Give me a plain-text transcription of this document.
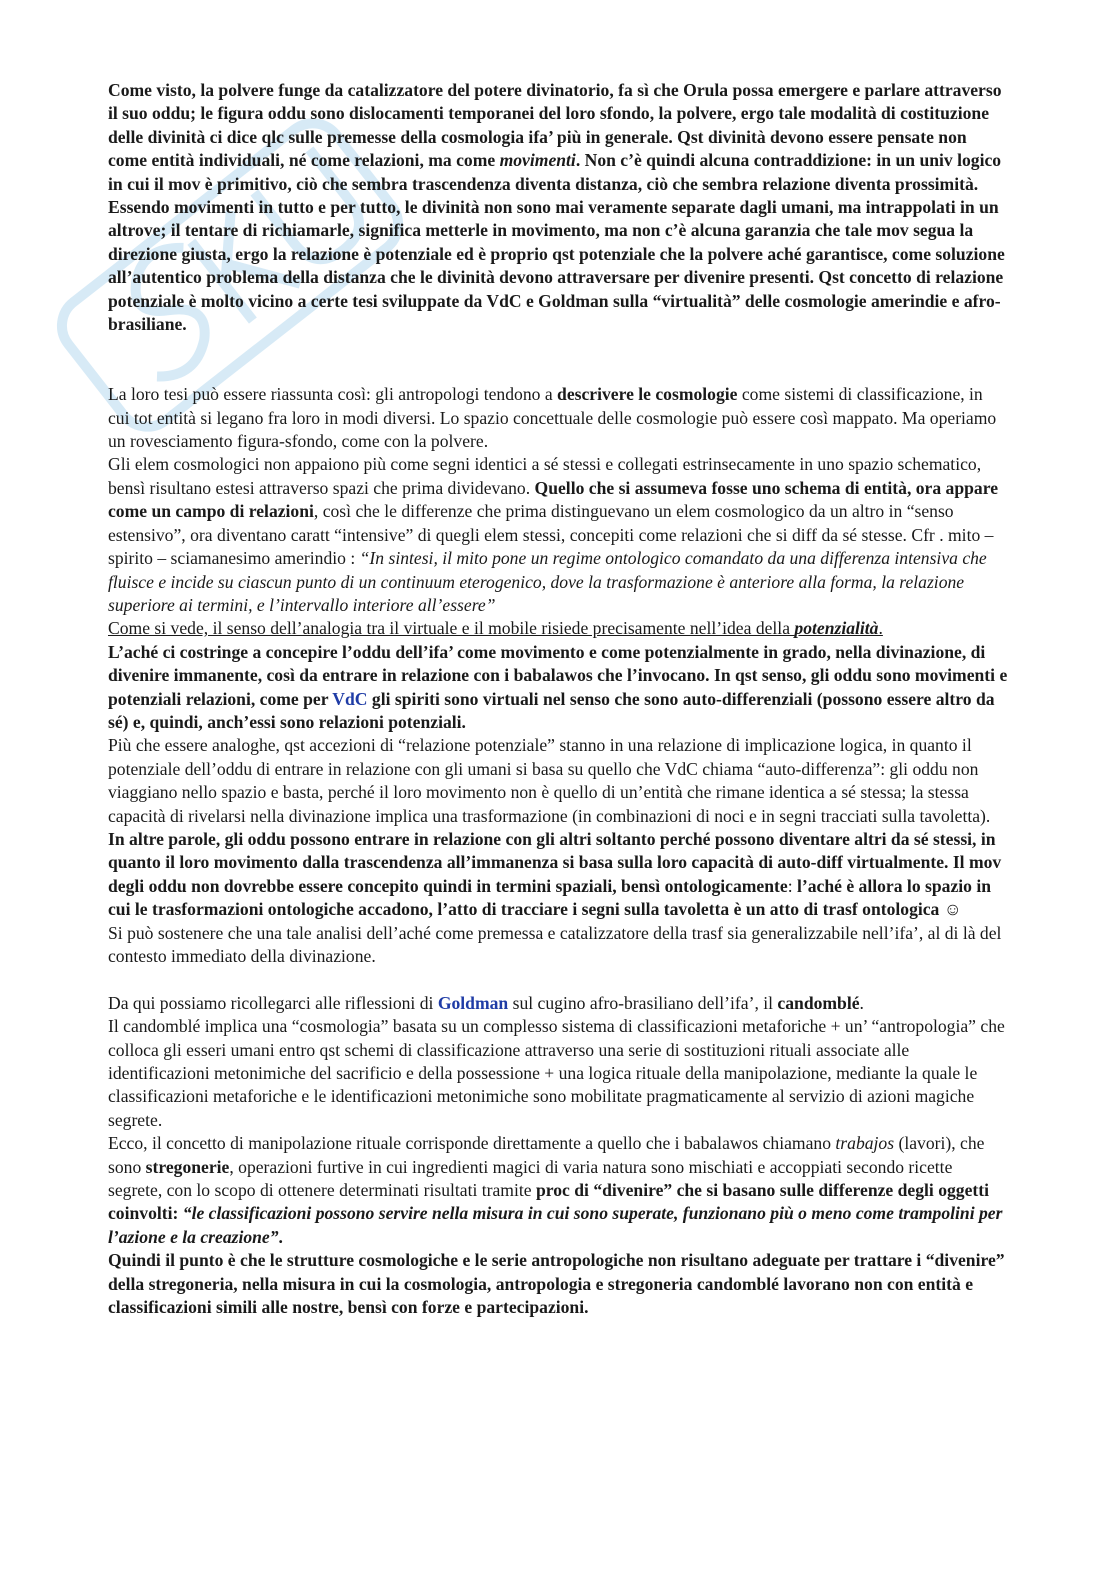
Come visto, la polvere funge da catalizzatore del potere divinatorio, fa sì che Orula possa emergere e parlare attraverso il suo oddu; le figura oddu sono dislocamenti temporanei del loro sfondo, la polvere, ergo tale modalità di costituzione delle divinità ci dice qlc sulle premesse della cosmologia ifa’ più in generale. Qst divinità devono essere pensate non come entità individuali, né come relazioni, ma come movimenti. Non c’è quindi alcuna contraddizione: in un univ logico in cui il mov è primitivo, ciò che sembra trascendenza diventa distanza, ciò che sembra relazione diventa prossimità. Essendo movimenti in tutto e per tutto, le divinità non sono mai veramente separate dagli umani, ma intrappolati in un altrove; il tentare di richiamarle, significa metterle in movimento, ma non c’è alcuna garanzia che tale mov segua la direzione giusta, ergo la relazione è potenziale ed è proprio qst potenziale che la polvere aché garantisce, come soluzione all’autentico problema della distanza che le divinità devono attraversare per divenire presenti. Qst concetto di relazione potenziale è molto vicino a certe tesi sviluppate da VdC e Goldman sulla “virtualità” delle cosmologie amerindie e afro-brasiliane.

La loro tesi può essere riassunta così: gli antropologi tendono a descrivere le cosmologie come sistemi di classificazione, in cui tot entità si legano fra loro in modi diversi. Lo spazio concettuale delle cosmologie può essere così mappato. Ma operiamo un rovesciamento figura-sfondo, come con la polvere.

Gli elem cosmologici non appaiono più come segni identici a sé stessi e collegati estrinsecamente in uno spazio schematico, bensì risultano estesi attraverso spazi che prima dividevano. Quello che si assumeva fosse uno schema di entità, ora appare come un campo di relazioni, così che le differenze che prima distinguevano un elem cosmologico da un altro in “senso estensivo”, ora diventano caratt “intensive” di quegli elem stessi, concepiti come relazioni che si diff da sé stesse. Cfr . mito – spirito – sciamanesimo amerindio : “In sintesi, il mito pone un regime ontologico comandato da una differenza intensiva che fluisce e incide su ciascun punto di un continuum eterogenico, dove la trasformazione è anteriore alla forma, la relazione superiore ai termini, e l’intervallo interiore all’essere”

Come si vede, il senso dell’analogia tra il virtuale e il mobile risiede precisamente nell’idea della potenzialità.

L’aché ci costringe a concepire l’oddu dell’ifa’ come movimento e come potenzialmente in grado, nella divinazione, di divenire immanente, così da entrare in relazione con i babalawos che l’invocano. In qst senso, gli oddu sono movimenti e potenziali relazioni, come per VdC gli spiriti sono virtuali nel senso che sono auto-differenziali (possono essere altro da sé) e, quindi, anch’essi sono relazioni potenziali.

Più che essere analoghe, qst accezioni di “relazione potenziale” stanno in una relazione di implicazione logica, in quanto il potenziale dell’oddu di entrare in relazione con gli umani si basa su quello che VdC chiama “auto-differenza”: gli oddu non viaggiano nello spazio e basta, perché il loro movimento non è quello di un’entità che rimane identica a sé stessa; la stessa capacità di rivelarsi nella divinazione implica una trasformazione (in combinazioni di noci e in segni tracciati sulla tavoletta).

In altre parole, gli oddu possono entrare in relazione con gli altri soltanto perché possono diventare altri da sé stessi, in quanto il loro movimento dalla trascendenza all’immanenza si basa sulla loro capacità di auto-diff virtualmente. Il mov degli oddu non dovrebbe essere concepito quindi in termini spaziali, bensì ontologicamente: l’aché è allora lo spazio in cui le trasformazioni ontologiche accadono, l’atto di tracciare i segni sulla tavoletta è un atto di trasf ontologica ☺

Si può sostenere che una tale analisi dell’aché come premessa e catalizzatore della trasf sia generalizzabile nell’ifa’, al di là del contesto immediato della divinazione.

Da qui possiamo ricollegarci alle riflessioni di Goldman sul cugino afro-brasiliano dell’ifa’, il candomblé.

Il candomblé implica una “cosmologia” basata su un complesso sistema di classificazioni metaforiche + un’ “antropologia” che colloca gli esseri umani entro qst schemi di classificazione attraverso una serie di sostituzioni rituali associate alle identificazioni metonimiche del sacrificio e della possessione + una logica rituale della manipolazione, mediante la quale le classificazioni metaforiche e le identificazioni metonimiche sono mobilitate pragmaticamente al servizio di azioni magiche segrete.

Ecco, il concetto di manipolazione rituale corrisponde direttamente a quello che i babalawos chiamano trabajos (lavori), che sono stregonerie, operazioni furtive in cui ingredienti magici di varia natura sono mischiati e accoppiati secondo ricette segrete, con lo scopo di ottenere determinati risultati tramite proc di “divenire” che si basano sulle differenze degli oggetti coinvolti: “le classificazioni possono servire nella misura in cui sono superate, funzionano più o meno come trampolini per l’azione e la creazione”.

Quindi il punto è che le strutture cosmologiche e le serie antropologiche non risultano adeguate per trattare i “divenire” della stregoneria, nella misura in cui la cosmologia, antropologia e stregoneria candomblé lavorano non con entità e classificazioni simili alle nostre, bensì con forze e partecipazioni.
